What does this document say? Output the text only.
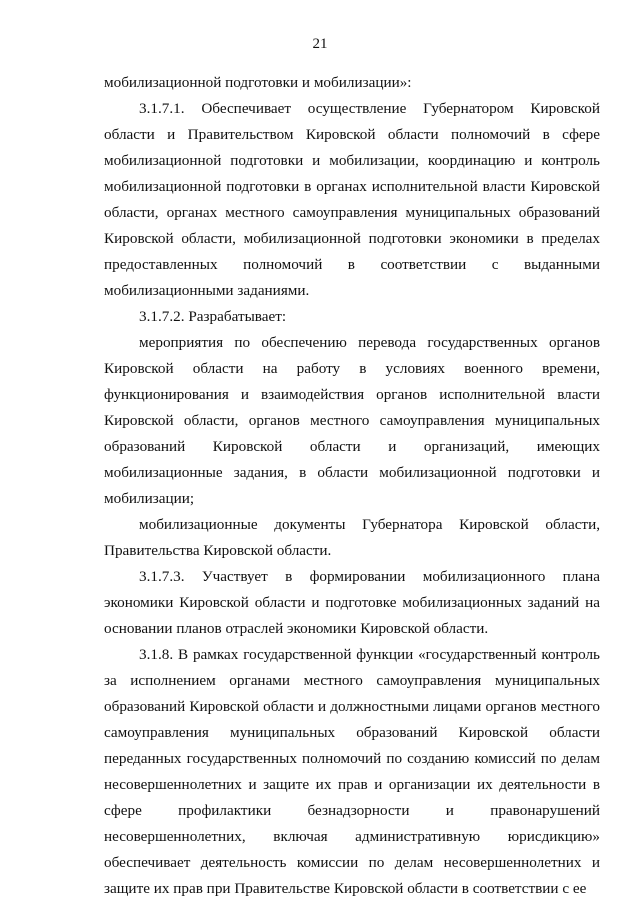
21

мобилизационной подготовки и мобилизации»:

3.1.7.1. Обеспечивает осуществление Губернатором Кировской области и Правительством Кировской области полномочий в сфере мобилизационной подготовки и мобилизации, координацию и контроль мобилизационной подготовки в органах исполнительной власти Кировской области, органах местного самоуправления муниципальных образований Кировской области, мобилизационной подготовки экономики в пределах предоставленных полномочий в соответствии с выданными мобилизационными заданиями.

3.1.7.2. Разрабатывает:

мероприятия по обеспечению перевода государственных органов Кировской области на работу в условиях военного времени, функционирования и взаимодействия органов исполнительной власти Кировской области, органов местного самоуправления муниципальных образований Кировской области и организаций, имеющих мобилизационные задания, в области мобилизационной подготовки и мобилизации;

мобилизационные документы Губернатора Кировской области, Правительства Кировской области.

3.1.7.3. Участвует в формировании мобилизационного плана экономики Кировской области и подготовке мобилизационных заданий на основании планов отраслей экономики Кировской области.

3.1.8. В рамках государственной функции «государственный контроль за исполнением органами местного самоуправления муниципальных образований Кировской области и должностными лицами органов местного самоуправления муниципальных образований Кировской области переданных государственных полномочий по созданию комиссий по делам несовершеннолетних и защите их прав и организации их деятельности в сфере профилактики безнадзорности и правонарушений несовершеннолетних, включая административную юрисдикцию» обеспечивает деятельность комиссии по делам несовершеннолетних и защите их прав при Правительстве Кировской области в соответствии с ее
